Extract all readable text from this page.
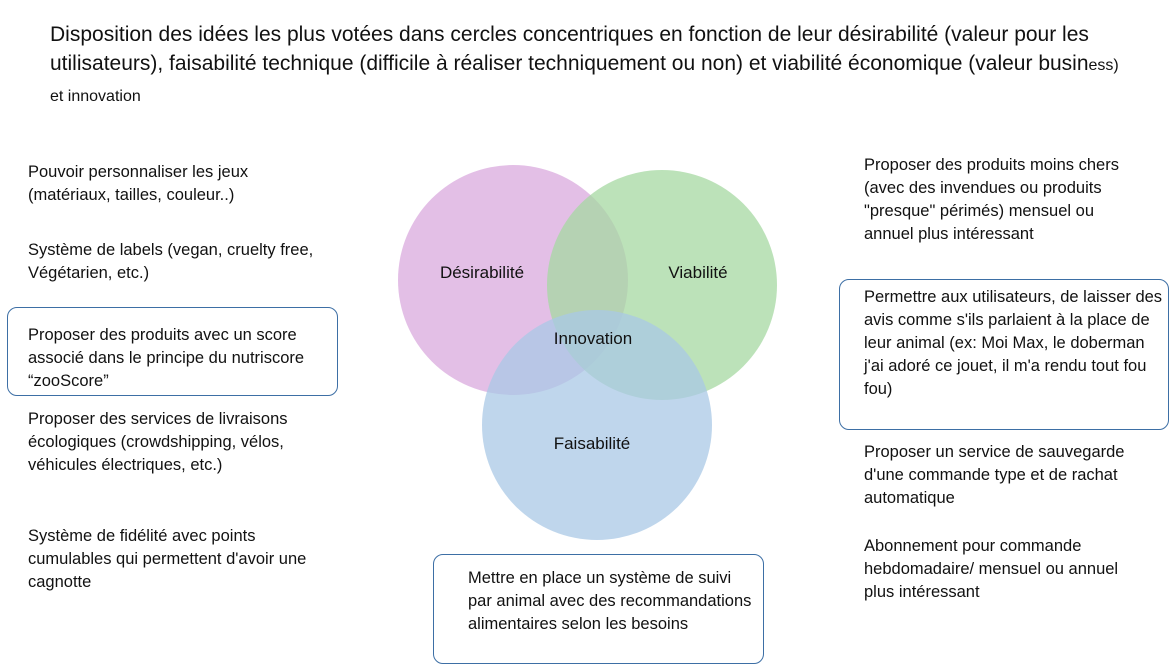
Disposition des idées les plus votées dans cercles concentriques en fonction de leur désirabilité (valeur pour les utilisateurs), faisabilité technique (difficile à réaliser techniquement ou non) et viabilité économique (valeur business) et innovation
Désirabilité	Viabilité
Innovation
Faisabilité
Pouvoir personnaliser les jeux (matériaux, tailles, couleur..)
Système de labels (vegan, cruelty free, Végétarien, etc.)
Proposer des produits avec un score associé dans le principe du nutriscore “zooScore”
Proposer des services de livraisons écologiques (crowdshipping, vélos, véhicules électriques, etc.)
Système de fidélité avec points cumulables qui permettent d'avoir une cagnotte
Proposer des produits moins chers (avec des invendues ou produits "presque" périmés) mensuel ou annuel plus intéressant
Permettre aux utilisateurs, de laisser des avis comme s'ils parlaient à la place de leur animal (ex: Moi Max, le doberman j'ai adoré ce jouet, il m'a rendu tout fou fou)
Proposer un service de sauvegarde d'une commande type et de rachat automatique
Abonnement pour commande hebdomadaire/ mensuel ou annuel plus intéressant
Mettre en place un système de suivi par animal avec des recommandations alimentaires selon les besoins
